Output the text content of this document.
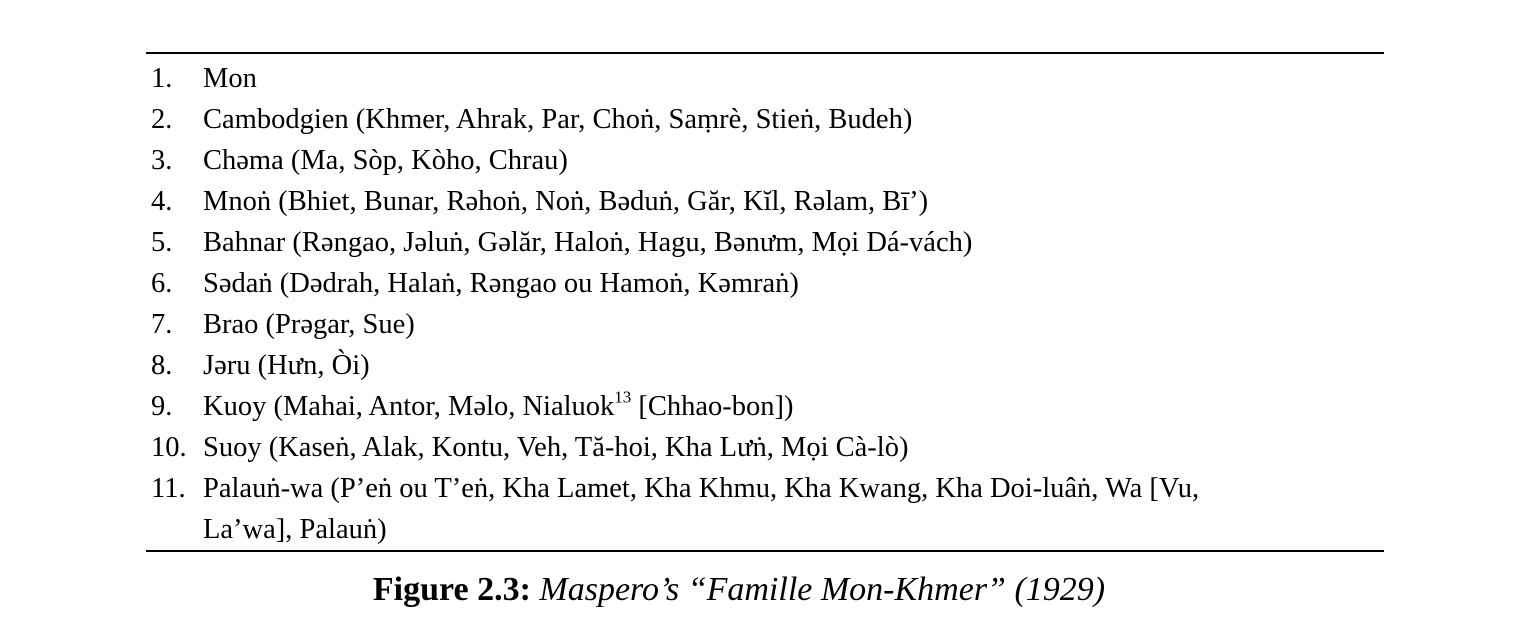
1. Mon
2. Cambodgien (Khmer, Ahrak, Par, Choṅ, Saṃrè, Stieṅ, Budeh)
3. Chəma (Ma, Sòp, Kòho, Chrau)
4. Mnoṅ (Bhiet, Bunar, Rəhoṅ, Noṅ, Bəduṅ, Găr, Kĭl, Rəlam, Bī’)
5. Bahnar (Rəngao, Jəluṅ, Gəlăr, Haloṅ, Hagu, Bənưm, Mọi Dá-vách)
6. Sədaṅ (Dədrah, Halaṅ, Rəngao ou Hamoṅ, Kəmraṅ)
7. Brao (Prəgar, Sue)
8. Jəru (Hưn, Òi)
9. Kuoy (Mahai, Antor, Məlo, Nialuok$^{13}$ [Chhao-bon])
10. Suoy (Kaseṅ, Alak, Kontu, Veh, Tă-hoi, Kha Lưṅ, Mọi Cà-lò)
11. Palauṅ-wa (P’eṅ ou T’eṅ, Kha Lamet, Kha Khmu, Kha Kwang, Kha Doi-luâṅ, Wa [Vu, La’wa], Palauṅ)
Figure 2.3: Maspero’s “Famille Mon-Khmer” (1929)
